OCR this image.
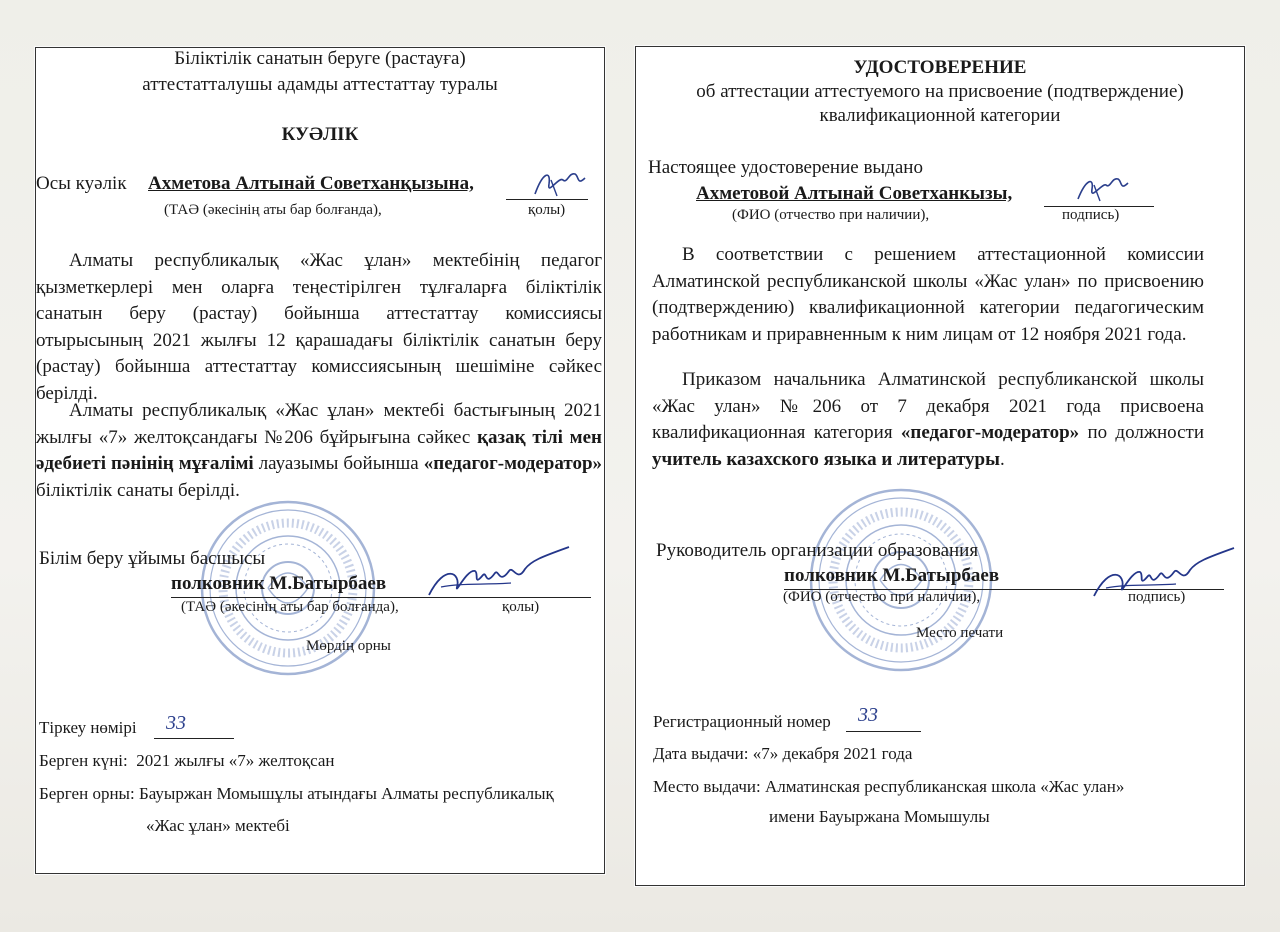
Біліктілік санатын беруге (растауға)
аттестатталушы адамды аттестаттау туралы
КУӘЛІК
Осы куәлік Ахметова Алтынай Советханқызына,
(ТАӘ (әкесінің аты бар болғанда),	қолы)
Алматы республикалық «Жас ұлан» мектебінің педагог қызметкерлері мен оларға теңестірілген тұлғаларға біліктілік санатын беру (растау) бойынша аттестаттау комиссиясы отырысының 2021 жылғы 12 қарашадағы біліктілік санатын беру (растау) бойынша аттестаттау комиссиясының шешіміне сәйкес берілді.
Алматы республикалық «Жас ұлан» мектебі бастығының 2021 жылғы «7» желтоқсандағы №206 бұйрығына сәйкес қазақ тілі мен әдебиеті пәнінің мұғалімі лауазымы бойынша «педагог-модератор» біліктілік санаты берілді.
Білім беру ұйымы басшысы
полковник М.Батырбаев
(ТАӘ (әкесінің аты бар болғанда),	қолы)
Мөрдің орны
Тіркеу нөмірі 33
Берген күні: 2021 жылғы «7» желтоқсан
Берген орны: Бауыржан Момышұлы атындағы Алматы республикалық
«Жас ұлан» мектебі
УДОСТОВЕРЕНИЕ
об аттестации аттестуемого на присвоение (подтверждение)
квалификационной категории
Настоящее удостоверение выдано
Ахметовой Алтынай Советханкызы,
(ФИО (отчество при наличии),	подпись)
В соответствии с решением аттестационной комиссии Алматинской республиканской школы «Жас улан» по присвоению (подтверждению) квалификационной категории педагогическим работникам и приравненным к ним лицам от 12 ноября 2021 года.
Приказом начальника Алматинской республиканской школы «Жас улан» №206 от 7 декабря 2021 года присвоена квалификационная категория «педагог-модератор» по должности учитель казахского языка и литературы.
Руководитель организации образования
полковник М.Батырбаев
(ФИО (отчество при наличии),	подпись)
Место печати
Регистрационный номер 33
Дата выдачи: «7» декабря 2021 года
Место выдачи: Алматинская республиканская школа «Жас улан»
имени Бауыржана Момышулы
